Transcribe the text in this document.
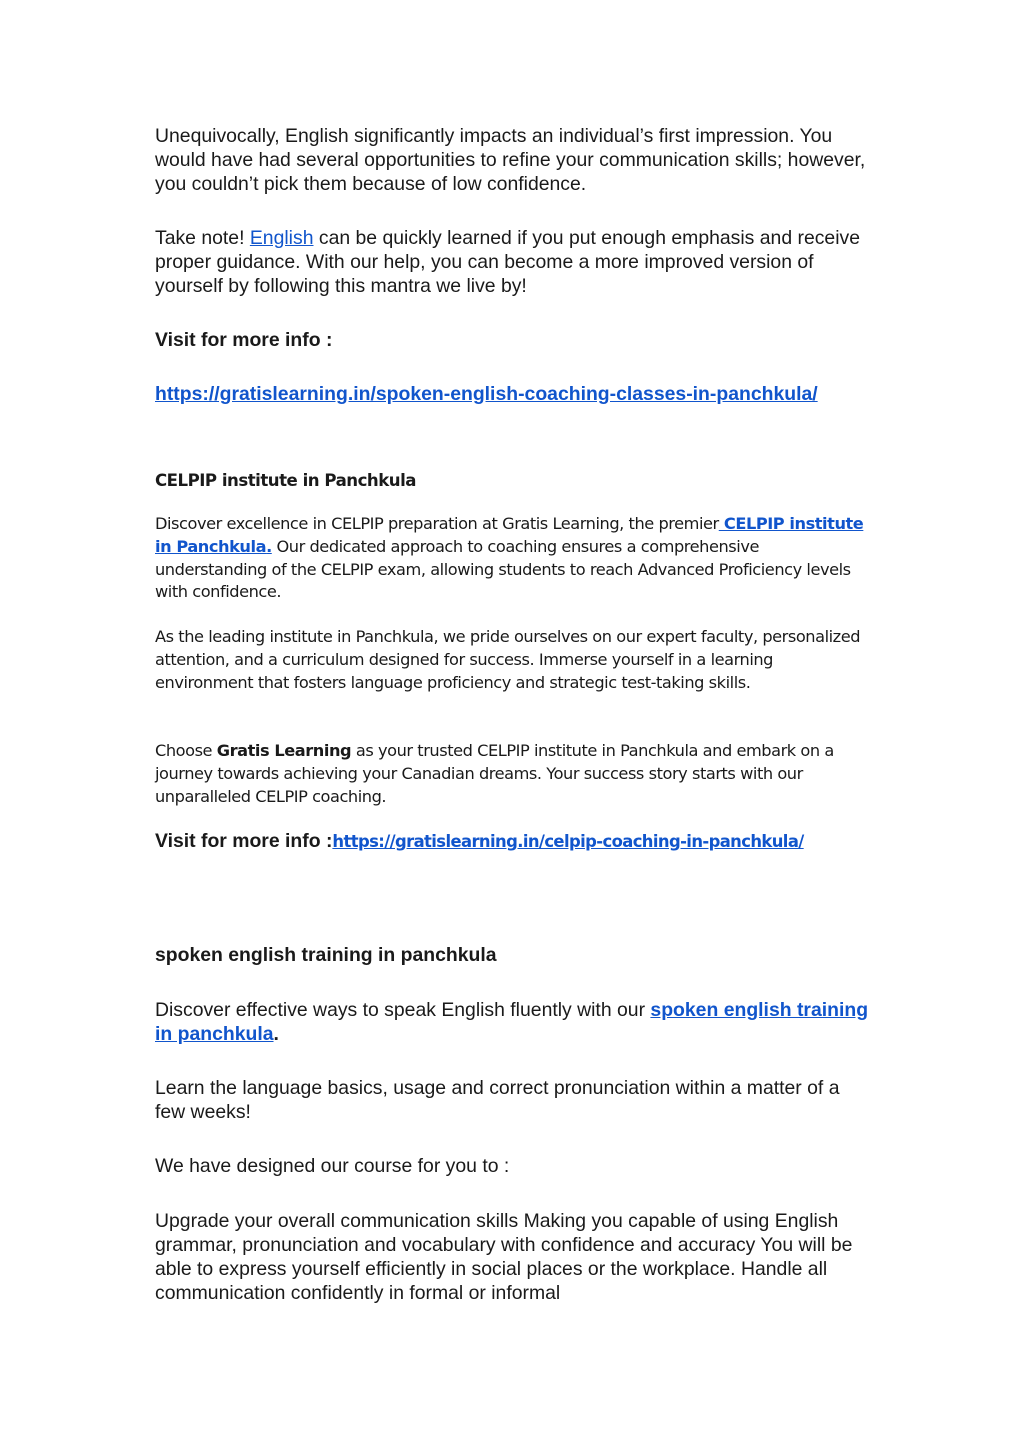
Unequivocally, English significantly impacts an individual’s first impression. You would have had several opportunities to refine your communication skills; however, you couldn’t pick them because of low confidence.

Take note! English can be quickly learned if you put enough emphasis and receive proper guidance. With our help, you can become a more improved version of yourself by following this mantra we live by!

Visit for more info :

https://gratislearning.in/spoken-english-coaching-classes-in-panchkula/

CELPIP institute in Panchkula

Discover excellence in CELPIP preparation at Gratis Learning, the premier CELPIP institute in Panchkula. Our dedicated approach to coaching ensures a comprehensive understanding of the CELPIP exam, allowing students to reach Advanced Proficiency levels with confidence.

As the leading institute in Panchkula, we pride ourselves on our expert faculty, personalized attention, and a curriculum designed for success. Immerse yourself in a learning environment that fosters language proficiency and strategic test-taking skills.

Choose Gratis Learning as your trusted CELPIP institute in Panchkula and embark on a journey towards achieving your Canadian dreams. Your success story starts with our unparalleled CELPIP coaching.

Visit for more info :https://gratislearning.in/celpip-coaching-in-panchkula/

spoken english training in panchkula

Discover effective ways to speak English fluently with our spoken english training in panchkula.

Learn the language basics, usage and correct pronunciation within a matter of a few weeks!

We have designed our course for you to :

Upgrade your overall communication skills Making you capable of using English grammar, pronunciation and vocabulary with confidence and accuracy You will be able to express yourself efficiently in social places or the workplace. Handle all communication confidently in formal or informal
